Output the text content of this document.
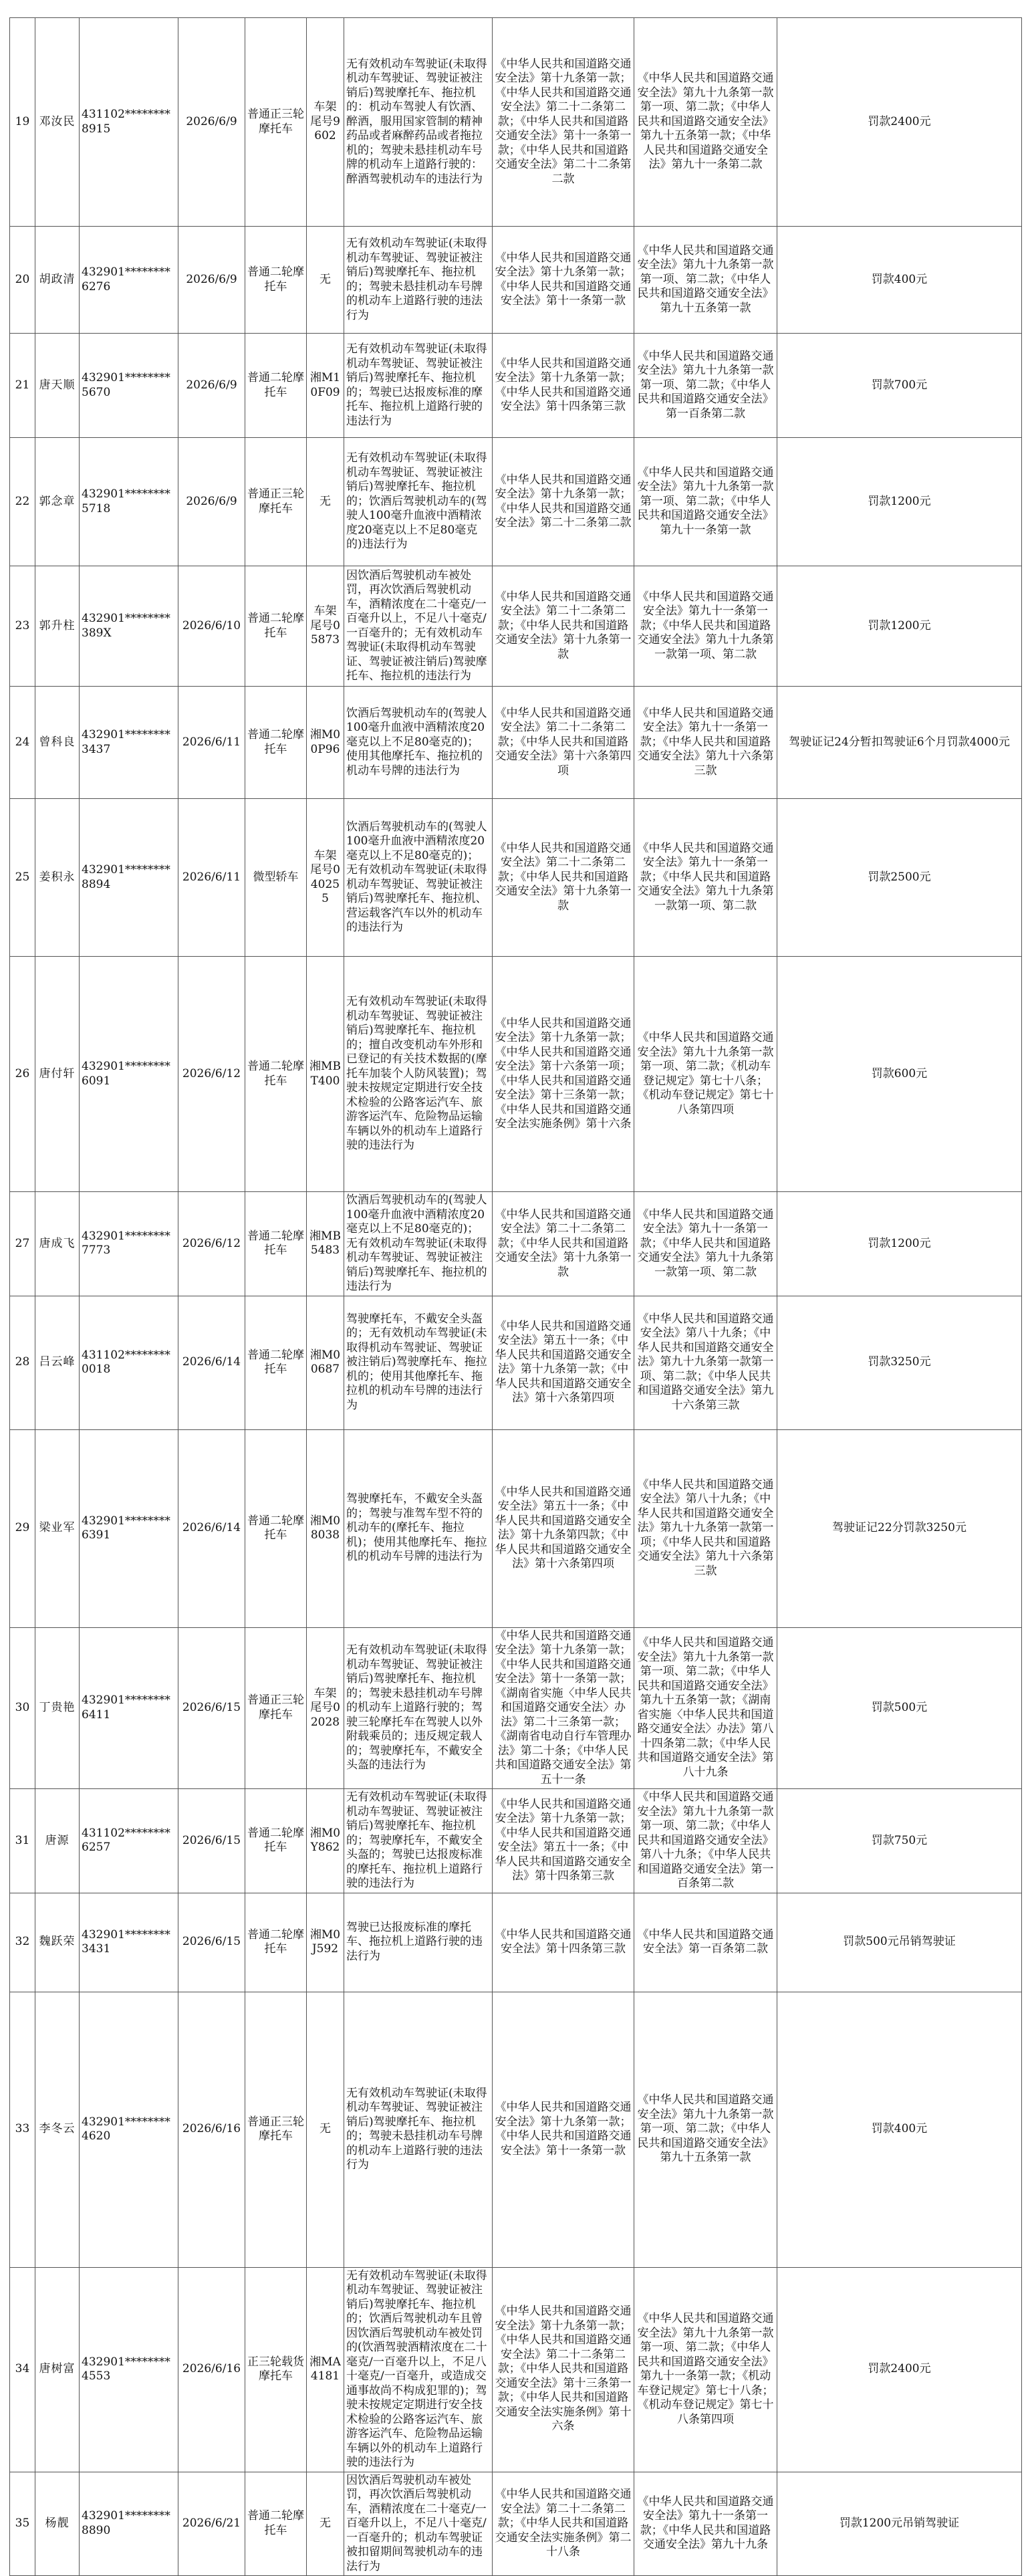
19	邓汝民	431102********8915	2026/6/9	普通正三轮摩托车	车架尾号9602	无有效机动车驾驶证(未取得机动车驾驶证、驾驶证被注销后)驾驶摩托车、拖拉机的：机动车驾驶人有饮酒、醉酒，服用国家管制的精神药品或者麻醉药品或者拖拉机的；驾驶未悬挂机动车号牌的机动车上道路行驶的：醉酒驾驶机动车的违法行为	《中华人民共和国道路交通安全法》第十九条第一款；《中华人民共和国道路交通安全法》第二十二条第二款；《中华人民共和国道路交通安全法》第十一条第一款；《中华人民共和国道路交通安全法》第二十二条第二款	《中华人民共和国道路交通安全法》第九十九条第一款第一项、第二款；《中华人民共和国道路交通安全法》第九十五条第一款；《中华人民共和国道路交通安全法》第九十一条第二款	罚款2400元
20	胡政清	432901********6276	2026/6/9	普通二轮摩托车	无	无有效机动车驾驶证(未取得机动车驾驶证、驾驶证被注销后)驾驶摩托车、拖拉机的；驾驶未悬挂机动车号牌的机动车上道路行驶的违法行为	《中华人民共和国道路交通安全法》第十九条第一款；《中华人民共和国道路交通安全法》第十一条第一款	《中华人民共和国道路交通安全法》第九十九条第一款第一项、第二款；《中华人民共和国道路交通安全法》第九十五条第一款	罚款400元
21	唐天顺	432901********5670	2026/6/9	普通二轮摩托车	湘M10F09	无有效机动车驾驶证(未取得机动车驾驶证、驾驶证被注销后)驾驶摩托车、拖拉机的；驾驶已达报废标准的摩托车、拖拉机上道路行驶的违法行为	《中华人民共和国道路交通安全法》第十九条第一款；《中华人民共和国道路交通安全法》第十四条第三款	《中华人民共和国道路交通安全法》第九十九条第一款第一项、第二款；《中华人民共和国道路交通安全法》第一百条第二款	罚款700元
22	郭念章	432901********5718	2026/6/9	普通正三轮摩托车	无	无有效机动车驾驶证(未取得机动车驾驶证、驾驶证被注销后)驾驶摩托车、拖拉机的；饮酒后驾驶机动车的(驾驶人100毫升血液中酒精浓度20毫克以上不足80毫克的)违法行为	《中华人民共和国道路交通安全法》第十九条第一款；《中华人民共和国道路交通安全法》第二十二条第二款	《中华人民共和国道路交通安全法》第九十九条第一款第一项、第二款；《中华人民共和国道路交通安全法》第九十一条第一款	罚款1200元
23	郭升柱	432901********389X	2026/6/10	普通二轮摩托车	车架尾号05873	因饮酒后驾驶机动车被处罚，再次饮酒后驾驶机动车，酒精浓度在二十毫克/一百毫升以上，不足八十毫克/一百毫升的；无有效机动车驾驶证(未取得机动车驾驶证、驾驶证被注销后)驾驶摩托车、拖拉机的违法行为	《中华人民共和国道路交通安全法》第二十二条第二款；《中华人民共和国道路交通安全法》第十九条第一款	《中华人民共和国道路交通安全法》第九十一条第一款；《中华人民共和国道路交通安全法》第九十九条第一款第一项、第二款	罚款1200元
24	曾科良	432901********3437	2026/6/11	普通二轮摩托车	湘M00P96	饮酒后驾驶机动车的(驾驶人100毫升血液中酒精浓度20毫克以上不足80毫克的)；使用其他摩托车、拖拉机的机动车号牌的违法行为	《中华人民共和国道路交通安全法》第二十二条第二款；《中华人民共和国道路交通安全法》第十六条第四项	《中华人民共和国道路交通安全法》第九十一条第一款；《中华人民共和国道路交通安全法》第九十六条第三款	驾驶证记24分暂扣驾驶证6个月罚款4000元
25	姜积永	432901********8894	2026/6/11	微型轿车	车架尾号040255	饮酒后驾驶机动车的(驾驶人100毫升血液中酒精浓度20毫克以上不足80毫克的)；无有效机动车驾驶证(未取得机动车驾驶证、驾驶证被注销后)驾驶摩托车、拖拉机、营运载客汽车以外的机动车的违法行为	《中华人民共和国道路交通安全法》第二十二条第二款；《中华人民共和国道路交通安全法》第十九条第一款	《中华人民共和国道路交通安全法》第九十一条第一款；《中华人民共和国道路交通安全法》第九十九条第一款第一项、第二款	罚款2500元
26	唐付轩	432901********6091	2026/6/12	普通二轮摩托车	湘MBT400	无有效机动车驾驶证(未取得机动车驾驶证、驾驶证被注销后)驾驶摩托车、拖拉机的；擅自改变机动车外形和已登记的有关技术数据的(摩托车加装个人防风装置)；驾驶未按规定定期进行安全技术检验的公路客运汽车、旅游客运汽车、危险物品运输车辆以外的机动车上道路行驶的违法行为	《中华人民共和国道路交通安全法》第十九条第一款；《中华人民共和国道路交通安全法》第十六条第一项；《中华人民共和国道路交通安全法》第十三条第一款；《中华人民共和国道路交通安全法实施条例》第十六条	《中华人民共和国道路交通安全法》第九十九条第一款第一项、第二款；《机动车登记规定》第七十八条；《机动车登记规定》第七十八条第四项	罚款600元
27	唐成飞	432901********7773	2026/6/12	普通二轮摩托车	湘MB5483	饮酒后驾驶机动车的(驾驶人100毫升血液中酒精浓度20毫克以上不足80毫克的)；无有效机动车驾驶证(未取得机动车驾驶证、驾驶证被注销后)驾驶摩托车、拖拉机的违法行为	《中华人民共和国道路交通安全法》第二十二条第二款；《中华人民共和国道路交通安全法》第十九条第一款	《中华人民共和国道路交通安全法》第九十一条第一款；《中华人民共和国道路交通安全法》第九十九条第一款第一项、第二款	罚款1200元
28	吕云峰	431102********0018	2026/6/14	普通二轮摩托车	湘M00687	驾驶摩托车，不戴安全头盔的；无有效机动车驾驶证(未取得机动车驾驶证、驾驶证被注销后)驾驶摩托车、拖拉机的；使用其他摩托车、拖拉机的机动车号牌的违法行为	《中华人民共和国道路交通安全法》第五十一条；《中华人民共和国道路交通安全法》第十九条第一款；《中华人民共和国道路交通安全法》第十六条第四项	《中华人民共和国道路交通安全法》第八十九条；《中华人民共和国道路交通安全法》第九十九条第一款第一项、第二款；《中华人民共和国道路交通安全法》第九十六条第三款	罚款3250元
29	梁业军	432901********6391	2026/6/14	普通二轮摩托车	湘M08038	驾驶摩托车，不戴安全头盔的；驾驶与准驾车型不符的机动车的(摩托车、拖拉机)；使用其他摩托车、拖拉机的机动车号牌的违法行为	《中华人民共和国道路交通安全法》第五十一条；《中华人民共和国道路交通安全法》第十九条第四款；《中华人民共和国道路交通安全法》第十六条第四项	《中华人民共和国道路交通安全法》第八十九条；《中华人民共和国道路交通安全法》第九十九条第一款第一项；《中华人民共和国道路交通安全法》第九十六条第三款	驾驶证记22分罚款3250元
30	丁贵艳	432901********6411	2026/6/15	普通正三轮摩托车	车架尾号02028	无有效机动车驾驶证(未取得机动车驾驶证、驾驶证被注销后)驾驶摩托车、拖拉机的；驾驶未悬挂机动车号牌的机动车上道路行驶的；驾驶三轮摩托车在驾驶人以外附载乘员的；违反规定载人的；驾驶摩托车，不戴安全头盔的违法行为	《中华人民共和国道路交通安全法》第十九条第一款；《中华人民共和国道路交通安全法》第十一条第一款；《湖南省实施〈中华人民共和国道路交通安全法〉办法》第二十三条第一款；《湖南省电动自行车管理办法》第二十条；《中华人民共和国道路交通安全法》第五十一条	《中华人民共和国道路交通安全法》第九十九条第一款第一项、第二款；《中华人民共和国道路交通安全法》第九十五条第一款；《湖南省实施〈中华人民共和国道路交通安全法〉办法》第八十四条第二款；《中华人民共和国道路交通安全法》第八十九条	罚款500元
31	唐源	431102********6257	2026/6/15	普通二轮摩托车	湘M0Y862	无有效机动车驾驶证(未取得机动车驾驶证、驾驶证被注销后)驾驶摩托车、拖拉机的；驾驶摩托车，不戴安全头盔的；驾驶已达报废标准的摩托车、拖拉机上道路行驶的违法行为	《中华人民共和国道路交通安全法》第十九条第一款；《中华人民共和国道路交通安全法》第五十一条；《中华人民共和国道路交通安全法》第十四条第三款	《中华人民共和国道路交通安全法》第九十九条第一款第一项、第二款；《中华人民共和国道路交通安全法》第八十九条；《中华人民共和国道路交通安全法》第一百条第二款	罚款750元
32	魏跃荣	432901********3431	2026/6/15	普通二轮摩托车	湘M0J592	驾驶已达报废标准的摩托车、拖拉机上道路行驶的违法行为	《中华人民共和国道路交通安全法》第十四条第三款	《中华人民共和国道路交通安全法》第一百条第二款	罚款500元吊销驾驶证
33	李冬云	432901********4620	2026/6/16	普通正三轮摩托车	无	无有效机动车驾驶证(未取得机动车驾驶证、驾驶证被注销后)驾驶摩托车、拖拉机的；驾驶未悬挂机动车号牌的机动车上道路行驶的违法行为	《中华人民共和国道路交通安全法》第十九条第一款；《中华人民共和国道路交通安全法》第十一条第一款	《中华人民共和国道路交通安全法》第九十九条第一款第一项、第二款；《中华人民共和国道路交通安全法》第九十五条第一款	罚款400元
34	唐树富	432901********4553	2026/6/16	正三轮载货摩托车	湘MA4181	无有效机动车驾驶证(未取得机动车驾驶证、驾驶证被注销后)驾驶摩托车、拖拉机的；饮酒后驾驶机动车且曾因饮酒后驾驶机动车被处罚的(饮酒驾驶酒精浓度在二十毫克/一百毫升以上，不足八十毫克/一百毫升，或造成交通事故尚不构成犯罪的)；驾驶未按规定定期进行安全技术检验的公路客运汽车、旅游客运汽车、危险物品运输车辆以外的机动车上道路行驶的违法行为	《中华人民共和国道路交通安全法》第十九条第一款；《中华人民共和国道路交通安全法》第二十二条第二款；《中华人民共和国道路交通安全法》第十三条第一款；《中华人民共和国道路交通安全法实施条例》第十六条	《中华人民共和国道路交通安全法》第九十九条第一款第一项、第二款；《中华人民共和国道路交通安全法》第九十一条第一款；《机动车登记规定》第七十八条；《机动车登记规定》第七十八条第四项	罚款2400元
35	杨靓	432901********8890	2026/6/21	普通二轮摩托车	无	因饮酒后驾驶机动车被处罚，再次饮酒后驾驶机动车，酒精浓度在二十毫克/一百毫升以上，不足八十毫克/一百毫升的；机动车驾驶证被扣留期间驾驶机动车的违法行为	《中华人民共和国道路交通安全法》第二十二条第二款；《中华人民共和国道路交通安全法实施条例》第二十八条	《中华人民共和国道路交通安全法》第九十一条第一款；《中华人民共和国道路交通安全法》第九十九条	罚款1200元吊销驾驶证
